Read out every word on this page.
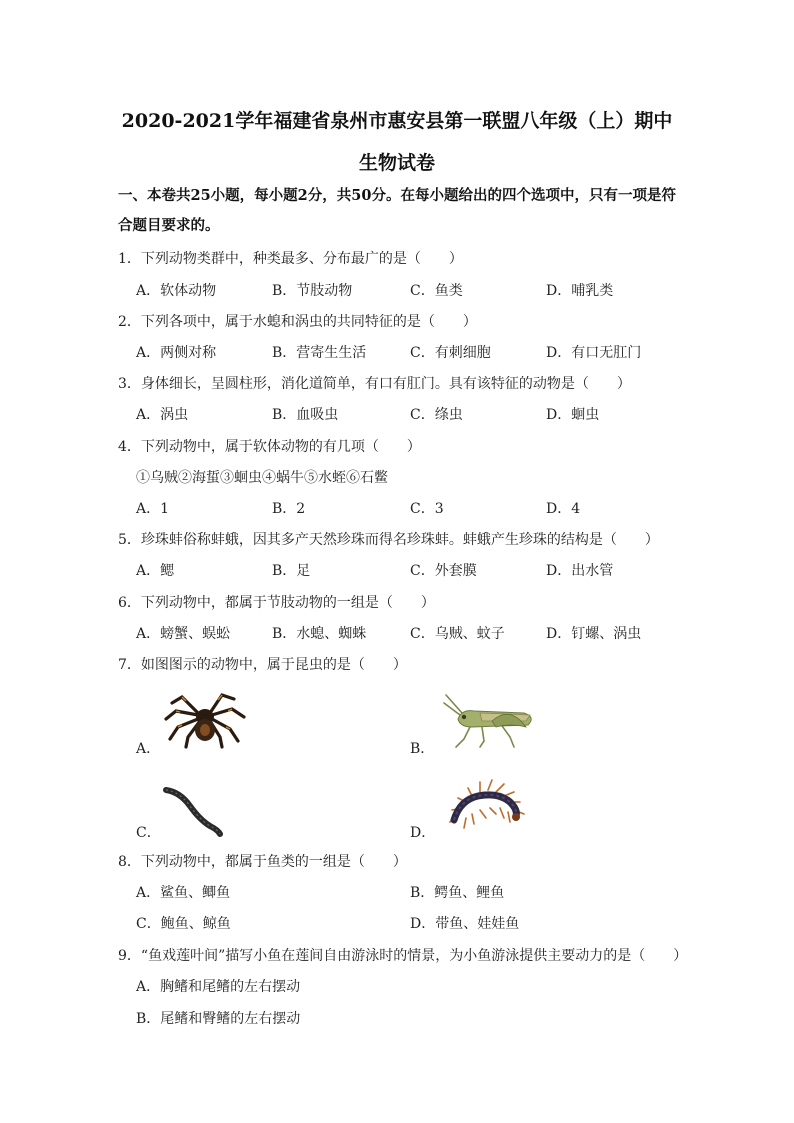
2020-2021学年福建省泉州市惠安县第一联盟八年级（上）期中
生物试卷
一、本卷共25小题，每小题2分，共50分。在每小题给出的四个选项中，只有一项是符合题目要求的。
1．下列动物类群中，种类最多、分布最广的是（　　）
A．软体动物	B．节肢动物	C．鱼类	D．哺乳类
2．下列各项中，属于水螅和涡虫的共同特征的是（　　）
A．两侧对称	B．营寄生生活	C．有刺细胞	D．有口无肛门
3．身体细长，呈圆柱形，消化道简单，有口有肛门。具有该特征的动物是（　　）
A．涡虫	B．血吸虫	C．绦虫	D．蛔虫
4．下列动物中，属于软体动物的有几项（　　）
①乌贼②海蜇③蛔虫④蜗牛⑤水蛭⑥石鳖
A．1	B．2	C．3	D．4
5．珍珠蚌俗称蚌蛾，因其多产天然珍珠而得名珍珠蚌。蚌蛾产生珍珠的结构是（　　）
A．鳃	B．足	C．外套膜	D．出水管
6．下列动物中，都属于节肢动物的一组是（　　）
A．螃蟹、蜈蚣	B．水螅、蜘蛛	C．乌贼、蚊子	D．钉螺、涡虫
7．如图图示的动物中，属于昆虫的是（　　）
A．	B．
C．	D．
8．下列动物中，都属于鱼类的一组是（　　）
A．鲨鱼、鲫鱼	B．鳄鱼、鲤鱼
C．鲍鱼、鲸鱼	D．带鱼、娃娃鱼
9．“鱼戏莲叶间”描写小鱼在莲间自由游泳时的情景，为小鱼游泳提供主要动力的是（　　）
A．胸鳍和尾鳍的左右摆动
B．尾鳍和臀鳍的左右摆动
